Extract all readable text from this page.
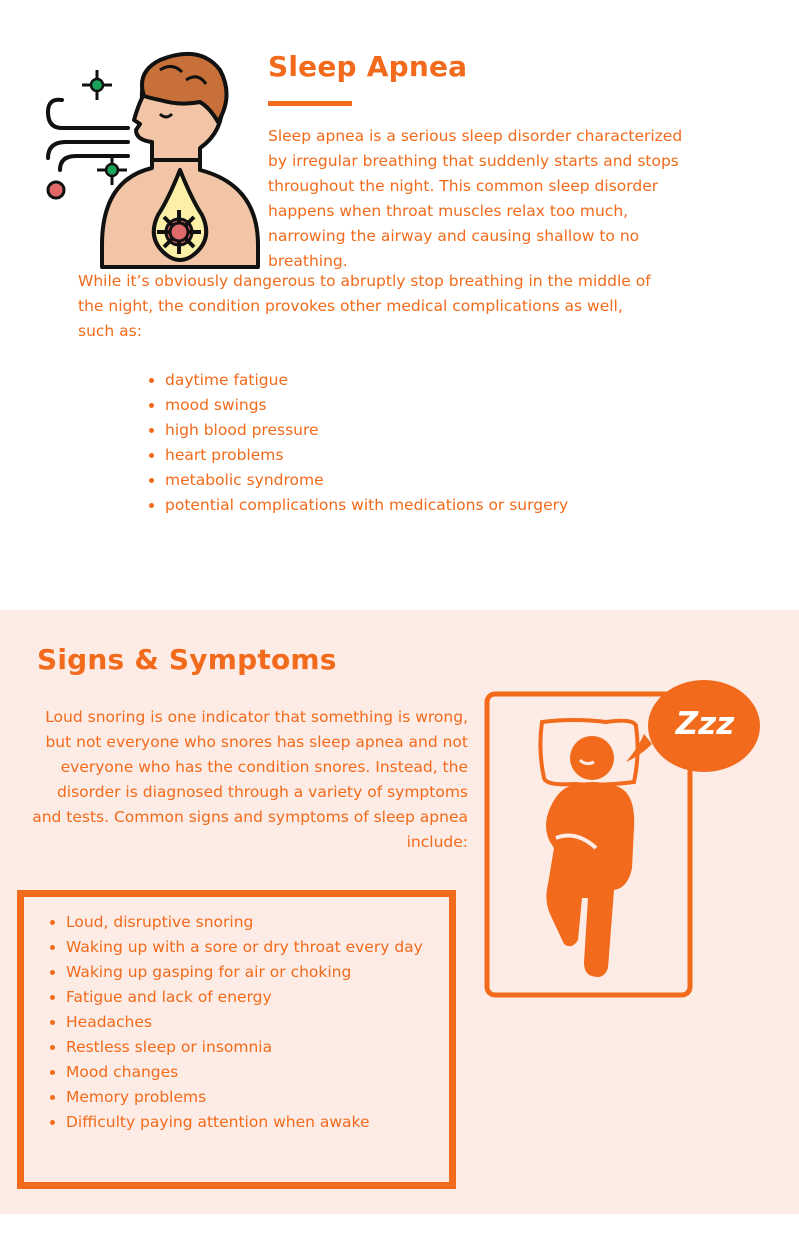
Sleep Apnea

Sleep apnea is a serious sleep disorder characterized by irregular breathing that suddenly starts and stops throughout the night. This common sleep disorder happens when throat muscles relax too much, narrowing the airway and causing shallow to no breathing.

While it’s obviously dangerous to abruptly stop breathing in the middle of the night, the condition provokes other medical complications as well, such as:

• daytime fatigue
• mood swings
• high blood pressure
• heart problems
• metabolic syndrome
• potential complications with medications or surgery
Signs & Symptoms

Loud snoring is one indicator that something is wrong, but not everyone who snores has sleep apnea and not everyone who has the condition snores. Instead, the disorder is diagnosed through a variety of symptoms and tests. Common signs and symptoms of sleep apnea include:

• Loud, disruptive snoring
• Waking up with a sore or dry throat every day
• Waking up gasping for air or choking
• Fatigue and lack of energy
• Headaches
• Restless sleep or insomnia
• Mood changes
• Memory problems
• Difficulty paying attention when awake
Zzz
